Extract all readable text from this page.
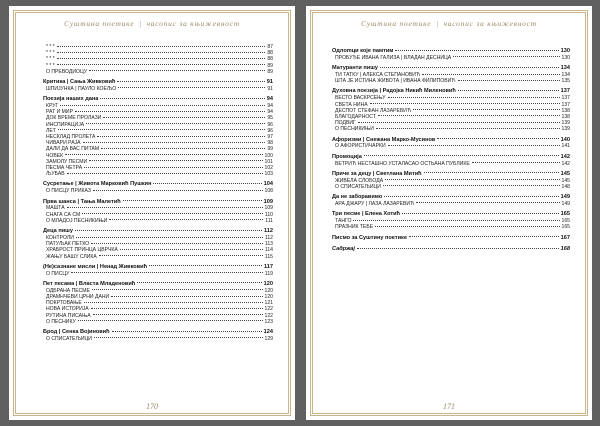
Суштина поетике | часопис за књижевност
* * *	87
* * *	88
* * *	88
* * *	89
О ПРЕВОДИОЦУ	89
Критика | Сања Живковић	91
ШПИЈУНКА | ПАУЛО КОЕЉО	91
Поезија наших дана	94
КРУГ	94
РАТ И МИР	94
ДОК ВРЕМЕ ПРОЛАЗИ	95
ИНСПИРАЦИЈА	96
ЛЕТ	96
НЕСКЛАД ПРОЛЕТА	97
ЧИВАРИ РАЈА	98
ДАЛИ ДА ВАС ПИТАМ	99
ЧОВЕК	100
ЗАМОЛУ ПЕСМИ	101
ПЕСМА ЧЕТРА	102
ЉУБАВ	103
Сусретање | Живота Марковић Пушкин	104
О ПИСЦУ ПРИКАЗ	108
Прва шанса | Тања Малетић	109
МАШТА	109
СНАГА СА СМ	110
О МЛАДОЈ ПЕСНИКИЊИ	111
Деца пишу	112
КОНТРОЛИ	112
ПАТУЉАК ПЕТКО	113
ХРАБРОСТ ПРИНЦА ЦВРЧКА	114
ЖАЊУ БАШУ СЛИКА	115
(Не)сазнане мисли | Ненад Живковић	117
О ПИСЦУ	119
Пет песама | Власта Младеновић	120
ОДБРАНА ПЕСМЕ	120
ДРАМНЧЕВИ ЦРНИ ДАНИ	120
ПОКРТОВАЊЕ	121
НОВА ИСТОРИЈА	122
РУТИНА ПИСАЊА	122
О ПЕСНИКУ	123
Брод | Сенка Војиновић	124
О СПИСАТЕЉИЦИ	129
170
Суштина поетике | часопис за књижевност
Одлomци које памтим	130
ПРОБУЂЕ ИВАНА ГАЛИЗА | ВЛАДАН ДЕСНИЦА	130
Матуранти пишу	134
ТИ ТАТКУ | АЛЕКСА СТЕПАНОВИЋ	134
ШТА ЈЕ ИСТИНА ЖИВОТА | ИВАНА ФИЛИПОВИЋ	135
Духовна поезија | Радојка Никић Миленовић	137
ВЕСТО ВАСКРСЕЊУ	137
СВЕТА НИНА	137
ДЕСПОТ СТЕФАН ЛАЗАРЕВИЋ	138
БЛАГОДАРНОСТ	138
ПОДВИГ	139
О ПЕСНИКИЊИ	139
Афоризми | Снежана Марко-Мусинов	140
О АФОРИСТИЧАРКИ	141
Промоција	142
ВЕТРИЋ НЕСТАШНО УСТАЛАСАО ОСТЬАНА ПУБЛИКЕ	142
Приче за децу | Светлана Митић	145
ЖИВЕЛА СЛОБОДА	145
О СПИСАТЕЉИЦИ	148
Да не заборавимо	149
АРА ДЖАРУ | ЛАЗА ЛАЗАРЕВИЋ	149
Три песме | Елена Хотић	165
ТАНГО	165
ПРАЗНИК ТЕБЕ	165
Писмо за Суштину поетике	167
Садржај	168
171
